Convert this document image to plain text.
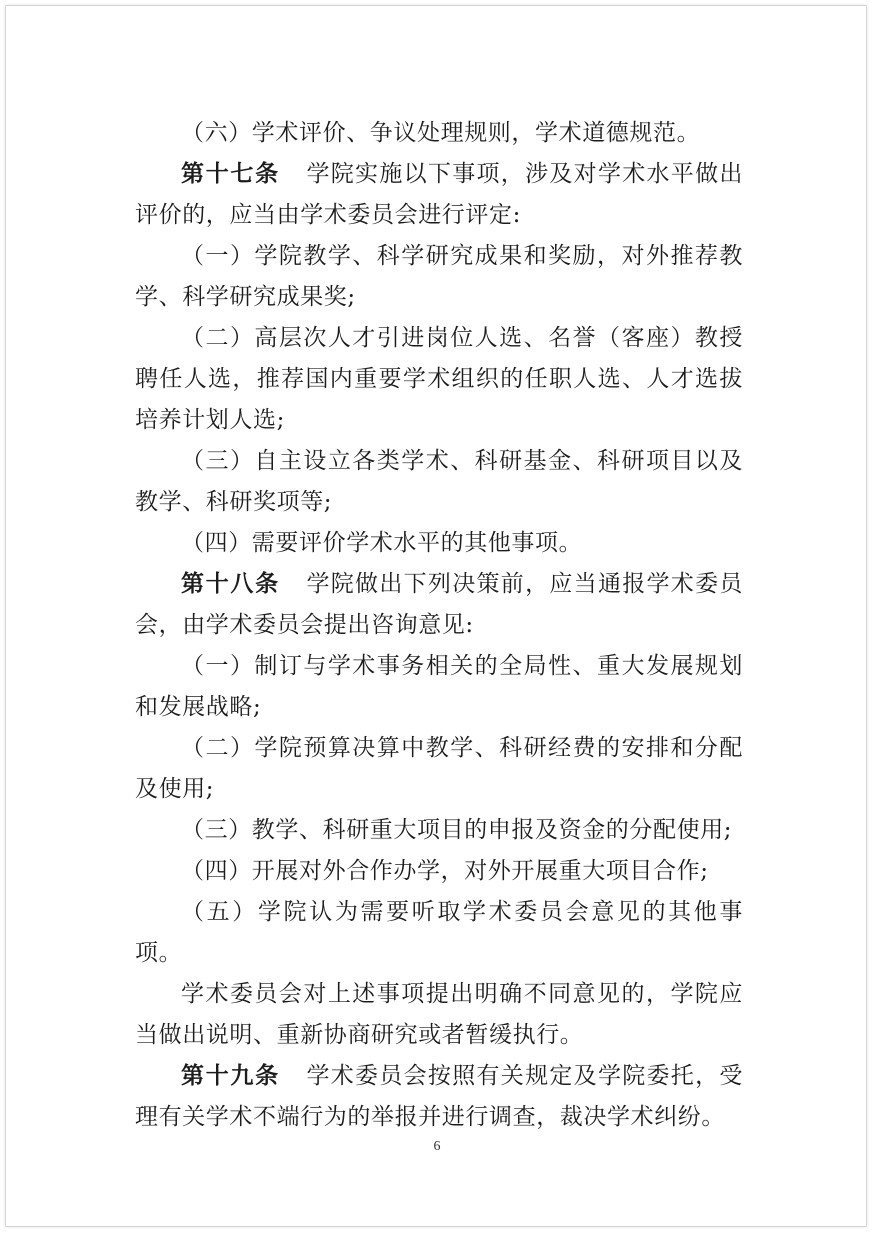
（六）学术评价、争议处理规则，学术道德规范。

第十七条 学院实施以下事项，涉及对学术水平做出评价的，应当由学术委员会进行评定:

（一）学院教学、科学研究成果和奖励，对外推荐教学、科学研究成果奖;

（二）高层次人才引进岗位人选、名誉（客座）教授聘任人选，推荐国内重要学术组织的任职人选、人才选拔培养计划人选;

（三）自主设立各类学术、科研基金、科研项目以及教学、科研奖项等;

（四）需要评价学术水平的其他事项。

第十八条 学院做出下列决策前，应当通报学术委员会，由学术委员会提出咨询意见:

（一）制订与学术事务相关的全局性、重大发展规划和发展战略;

（二）学院预算决算中教学、科研经费的安排和分配及使用;

（三）教学、科研重大项目的申报及资金的分配使用;

（四）开展对外合作办学，对外开展重大项目合作;

（五）学院认为需要听取学术委员会意见的其他事项。

学术委员会对上述事项提出明确不同意见的，学院应当做出说明、重新协商研究或者暂缓执行。

第十九条 学术委员会按照有关规定及学院委托，受理有关学术不端行为的举报并进行调查，裁决学术纠纷。

6
